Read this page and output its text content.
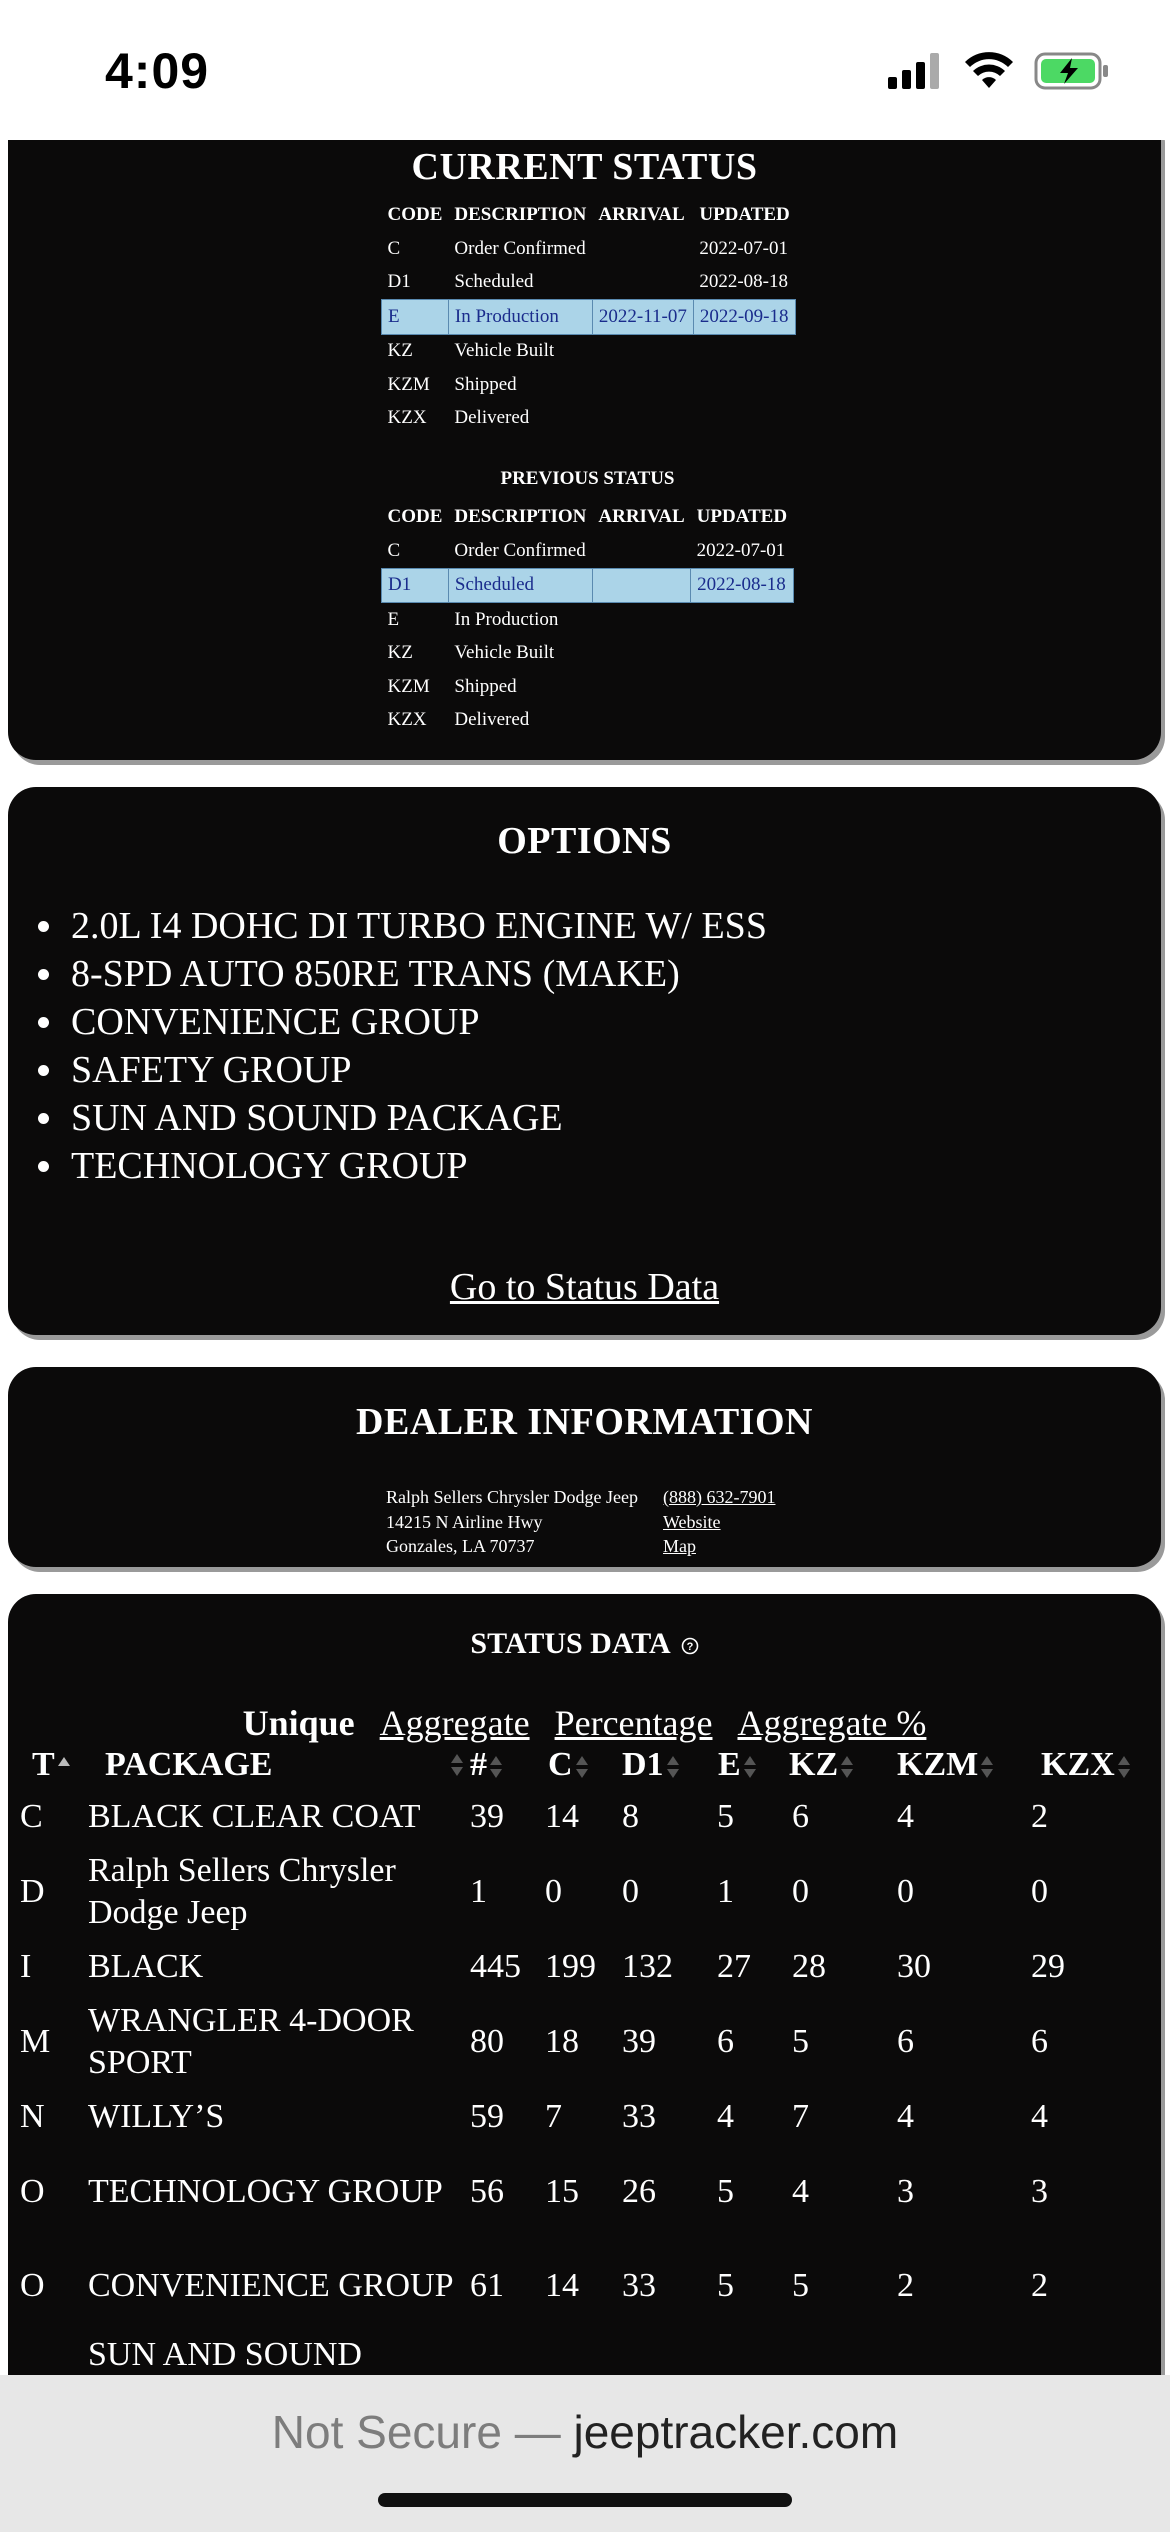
4:09
CURRENT STATUS
CODE	DESCRIPTION	ARRIVAL	UPDATED
C	Order Confirmed		2022-07-01
D1	Scheduled		2022-08-18
E	In Production	2022-11-07	2022-09-18
KZ	Vehicle Built		
KZM	Shipped		
KZX	Delivered		
PREVIOUS STATUS
CODE	DESCRIPTION	ARRIVAL	UPDATED
C	Order Confirmed		2022-07-01
D1	Scheduled		2022-08-18
E	In Production		
KZ	Vehicle Built		
KZM	Shipped		
KZX	Delivered		
OPTIONS
2.0L I4 DOHC DI TURBO ENGINE W/ ESS
8-SPD AUTO 850RE TRANS (MAKE)
CONVENIENCE GROUP
SAFETY GROUP
SUN AND SOUND PACKAGE
TECHNOLOGY GROUP
Go to Status Data
DEALER INFORMATION
Ralph Sellers Chrysler Dodge Jeep
14215 N Airline Hwy
Gonzales, LA 70737
(888) 632-7901
Website
Map
STATUS DATA ?
Unique Aggregate Percentage Aggregate %
T	PACKAGE	#	C	D1	E	KZ	KZM	KZX
C	BLACK CLEAR COAT	39	14	8	5	6	4	2
D	Ralph Sellers Chrysler Dodge Jeep	1	0	0	1	0	0	0
I	BLACK	445	199	132	27	28	30	29
M	WRANGLER 4-DOOR SPORT	80	18	39	6	5	6	6
N	WILLY’S	59	7	33	4	7	4	4
O	TECHNOLOGY GROUP	56	15	26	5	4	3	3
O	CONVENIENCE GROUP	61	14	33	5	5	2	2
	SUN AND SOUND							
Not Secure — jeeptracker.com
